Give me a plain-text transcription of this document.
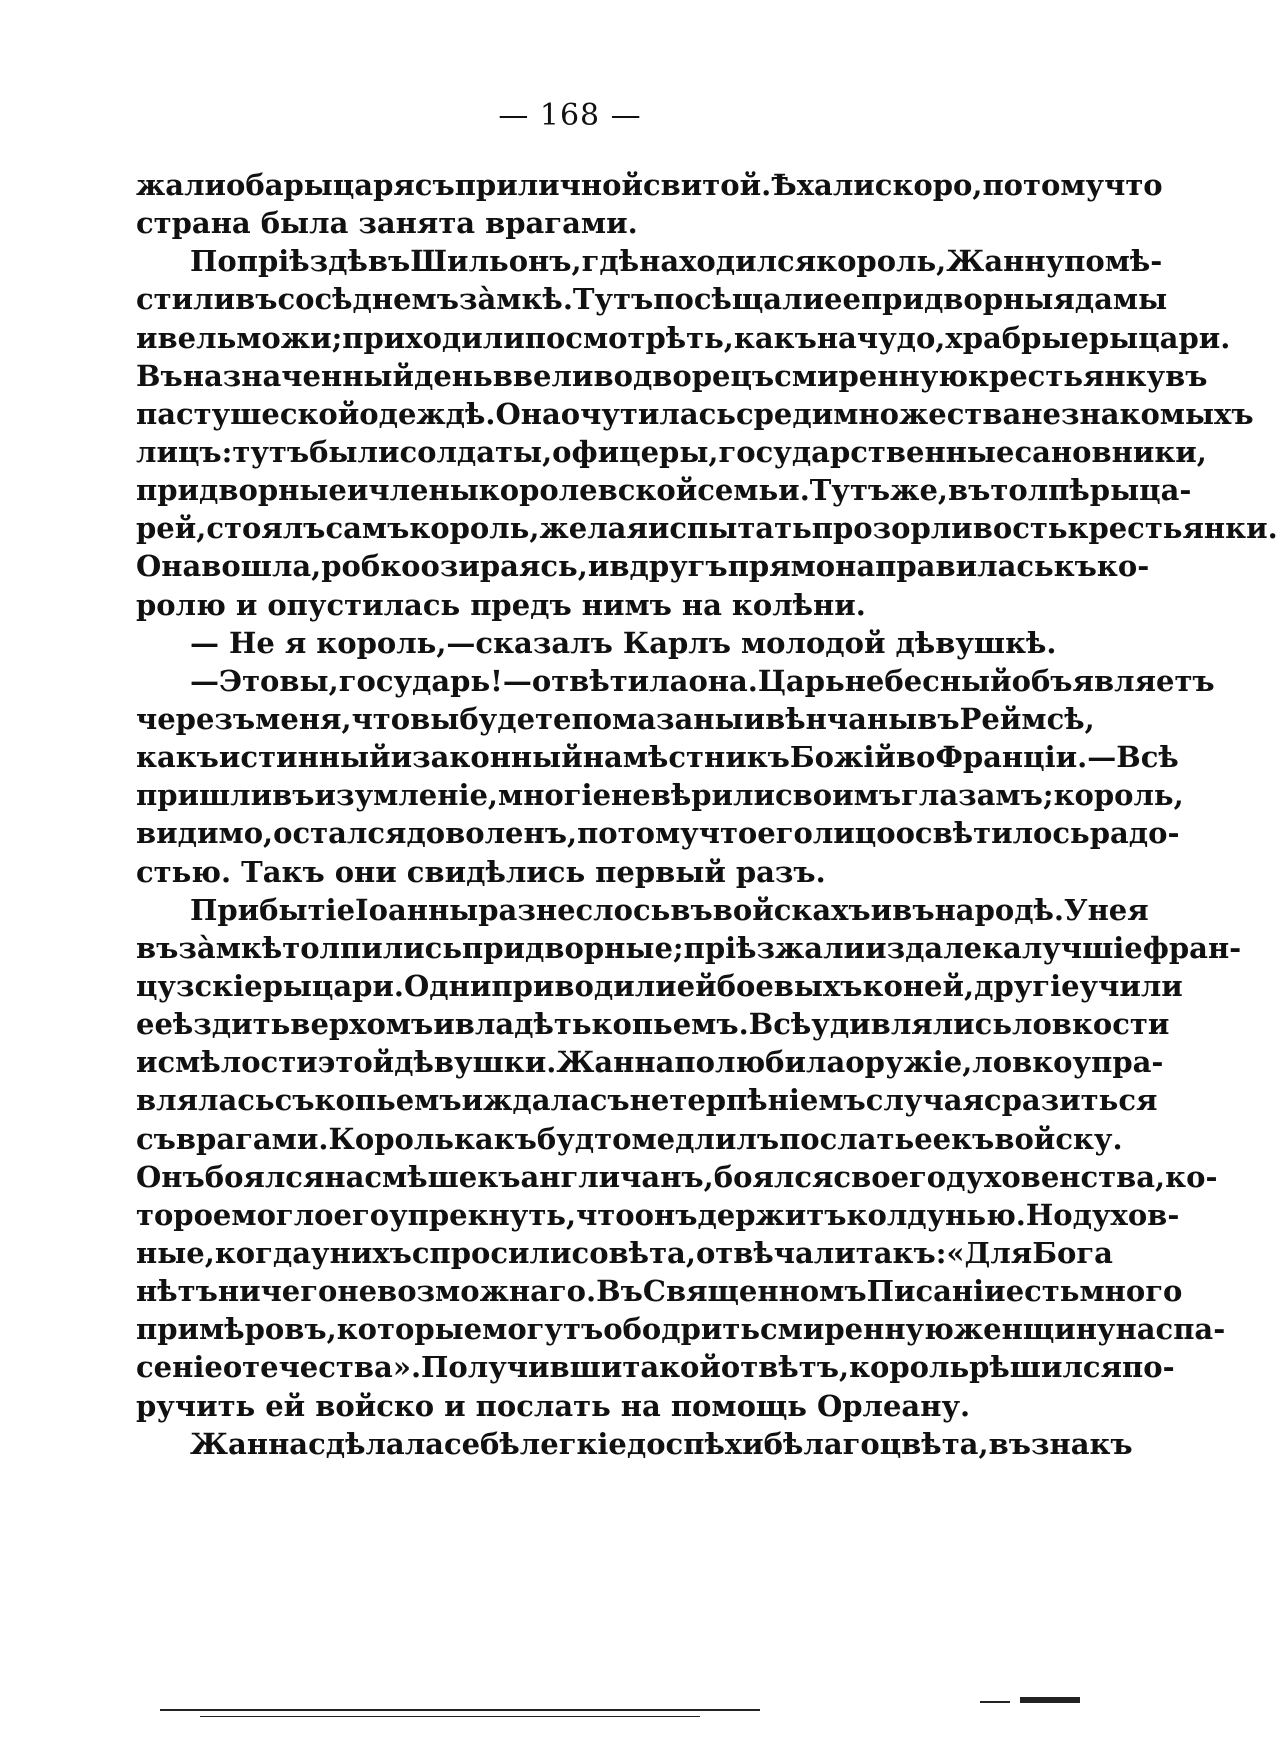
— 168 —
жали оба рыцаря съ приличной свитой. Ѣхали скоро, потому что
страна была занята врагами.
По пріѣздѣ въ Шильонъ, гдѣ находился король, Жанну помѣ-
стили въ сосѣднемъ зàмкѣ. Тутъ посѣщали ее придворныя дамы
и вельможи; приходили посмотрѣть, какъ на чудо, храбрые рыцари.
Въ назначенный день ввели во дворецъ смиренную крестьянку въ
пастушеской одеждѣ. Она очутилась среди множества незнакомыхъ
лицъ: тутъ были солдаты, офицеры, государственные сановники,
придворные и члены королевской семьи. Тутъ же, въ толпѣ рыца-
рей, стоялъ самъ король, желая испытать прозорливость крестьянки.
Она вошла, робко озираясь, и вдругъ прямо направилась къ ко-
ролю и опустилась предъ нимъ на колѣни.
— Не я король,—сказалъ Карлъ молодой дѣвушкѣ.
— Это вы, государь!—отвѣтила она. Царь небесный объявляетъ
черезъ меня, что вы будете помазаны и вѣнчаны въ Реймсѣ,
какъ истинный и законный намѣстникъ Божій во Франціи.—Всѣ
пришли въ изумленіе, многіе не вѣрили своимъ глазамъ; король,
видимо, остался доволенъ, потому что его лицо освѣтилось радо-
стью. Такъ они свидѣлись первый разъ.
Прибытіе Іоанны разнеслось въ войскахъ и въ народѣ. У нея
въ зàмкѣ толпились придворные; пріѣзжали издалека лучшіе фран-
цузскіе рыцари. Одни приводили ей боевыхъ коней, другіе учили
ее ѣздить верхомъ и владѣть копьемъ. Всѣ удивлялись ловкости
и смѣлости этой дѣвушки. Жанна полюбила оружіе, ловко упра-
влялась съ копьемъ и ждала съ нетерпѣніемъ случая сразиться
съ врагами. Король какъ будто медлилъ послать ее къ войску.
Онъ боялся насмѣшекъ англичанъ, боялся своего духовенства, ко-
торое могло его упрекнуть, что онъ держитъ колдунью. Но духов-
ные, когда у нихъ спросили совѣта, отвѣчали такъ: «Для Бога
нѣтъ ничего невозможнаго. Въ Священномъ Писаніи есть много
примѣровъ, которые могутъ ободрить смиренную женщину на спа-
сеніе отечества». Получивши такой отвѣтъ, король рѣшился по-
ручить ей войско и послать на помощь Орлеану.
Жанна сдѣлала себѣ легкіе доспѣхи бѣлаго цвѣта, въ знакъ
